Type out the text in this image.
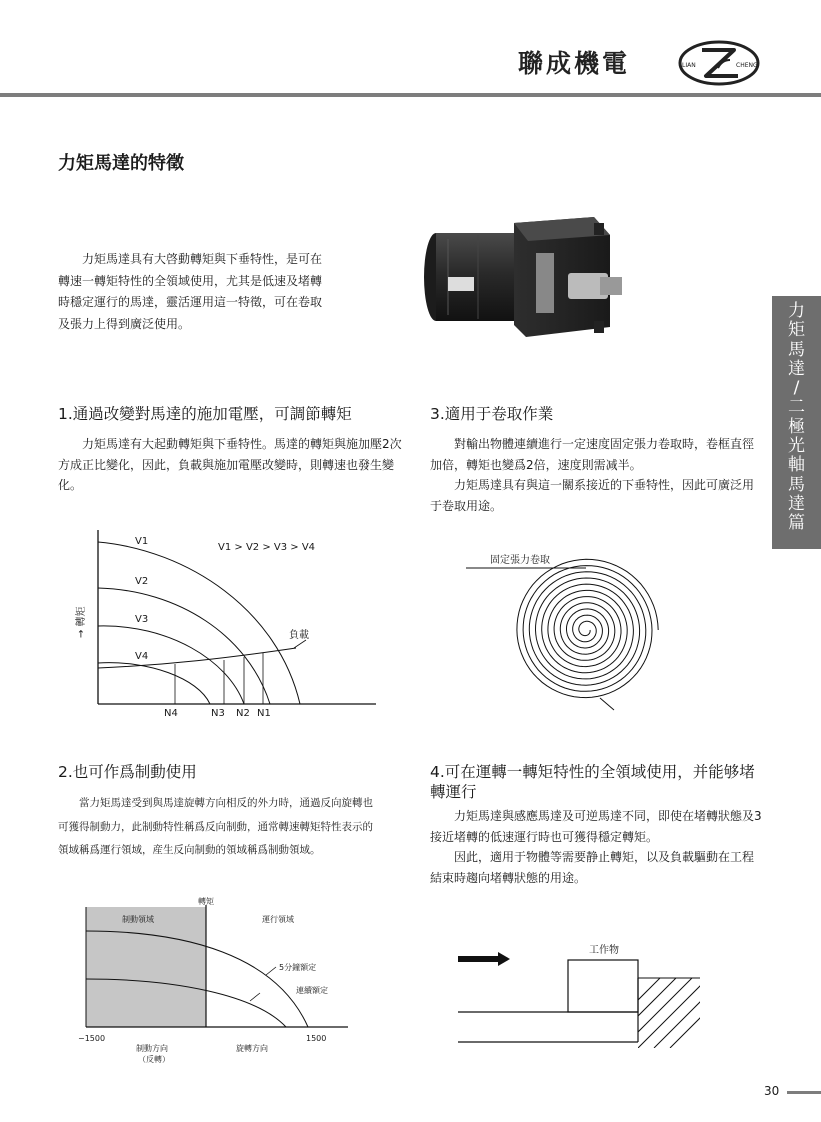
聯成機電	LIAN	CHENG
力矩馬達的特徵
力矩馬達具有大啓動轉矩與下垂特性，是可在轉速一轉矩特性的全領域使用，尤其是低速及堵轉時穩定運行的馬達，靈活運用這一特徵，可在卷取及張力上得到廣泛使用。
力
矩
馬
達
/
二
極
光
軸
馬
達
篇
1.通過改變對馬達的施加電壓，可調節轉矩

力矩馬達有大起動轉矩與下垂特性。馬達的轉矩與施加壓2次方成正比變化，因此，負載與施加電壓改變時，則轉速也發生變化。

3.適用于卷取作業

對輸出物體連續進行一定速度固定張力卷取時，卷框直徑加倍，轉矩也變爲2倍，速度則需减半。

力矩馬達具有與這一關系接近的下垂特性，因此可廣泛用于卷取用途。

V1
V2
V3
V4
負載
V1 > V2 > V3 > V4
N4	N3 N2 N1
→ 轉矩
固定張力卷取
2.也可作爲制動使用

當力矩馬達受到與馬達旋轉方向相反的外力時，通過反向旋轉也可獲得制動力，此制動特性稱爲反向制動，通常轉速轉矩特性表示的領域稱爲運行領域，産生反向制動的領域稱爲制動領域。

4.可在運轉一轉矩特性的全領域使用，并能够堵轉運行

力矩馬達與感應馬達及可逆馬達不同，即使在堵轉狀態及3接近堵轉的低速運行時也可獲得穩定轉矩。

因此，適用于物體等需要静止轉矩，以及負載驅動在工程結束時趨向堵轉狀態的用途。

轉矩
制動領域	運行領域
5分鐘額定
連續額定
−1500	1500
制動方向
（反轉）
旋轉方向
工作物
30
